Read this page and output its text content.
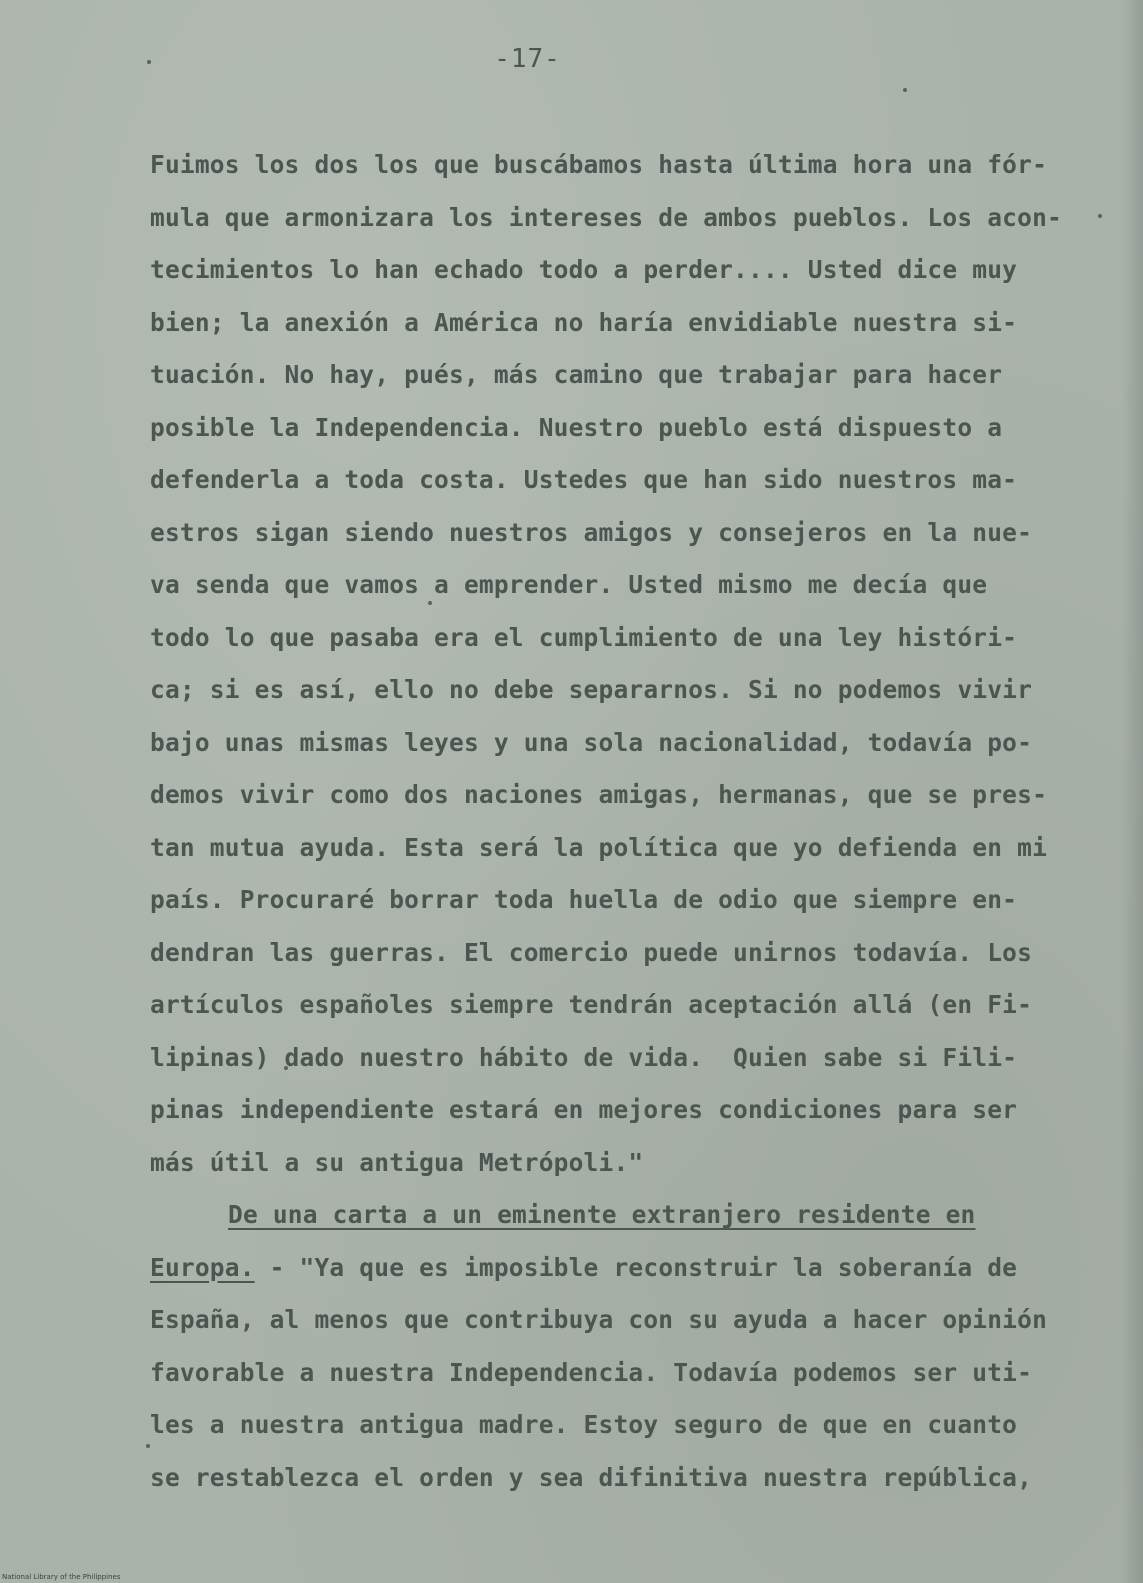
-17-
Fuimos los dos los que buscábamos hasta última hora una fór-
mula que armonizara los intereses de ambos pueblos. Los acon-
tecimientos lo han echado todo a perder.... Usted dice muy
bien; la anexión a América no haría envidiable nuestra si-
tuación. No hay, pués, más camino que trabajar para hacer
posible la Independencia. Nuestro pueblo está dispuesto a
defenderla a toda costa. Ustedes que han sido nuestros ma-
estros sigan siendo nuestros amigos y consejeros en la nue-
va senda que vamos a emprender. Usted mismo me decía que
todo lo que pasaba era el cumplimiento de una ley históri-
ca; si es así, ello no debe separarnos. Si no podemos vivir
bajo unas mismas leyes y una sola nacionalidad, todavía po-
demos vivir como dos naciones amigas, hermanas, que se pres-
tan mutua ayuda. Esta será la política que yo defienda en mi
país. Procuraré borrar toda huella de odio que siempre en-
dendran las guerras. El comercio puede unirnos todavía. Los
artículos españoles siempre tendrán aceptación allá (en Fi-
lipinas) dado nuestro hábito de vida.  Quien sabe si Fili-
pinas independiente estará en mejores condiciones para ser
más útil a su antigua Metrópoli."
De una carta a un eminente extranjero residente en
Europa. - "Ya que es imposible reconstruir la soberanía de
España, al menos que contribuya con su ayuda a hacer opinión
favorable a nuestra Independencia. Todavía podemos ser uti-
les a nuestra antigua madre. Estoy seguro de que en cuanto
se restablezca el orden y sea difinitiva nuestra república,
National Library of the Philippines
